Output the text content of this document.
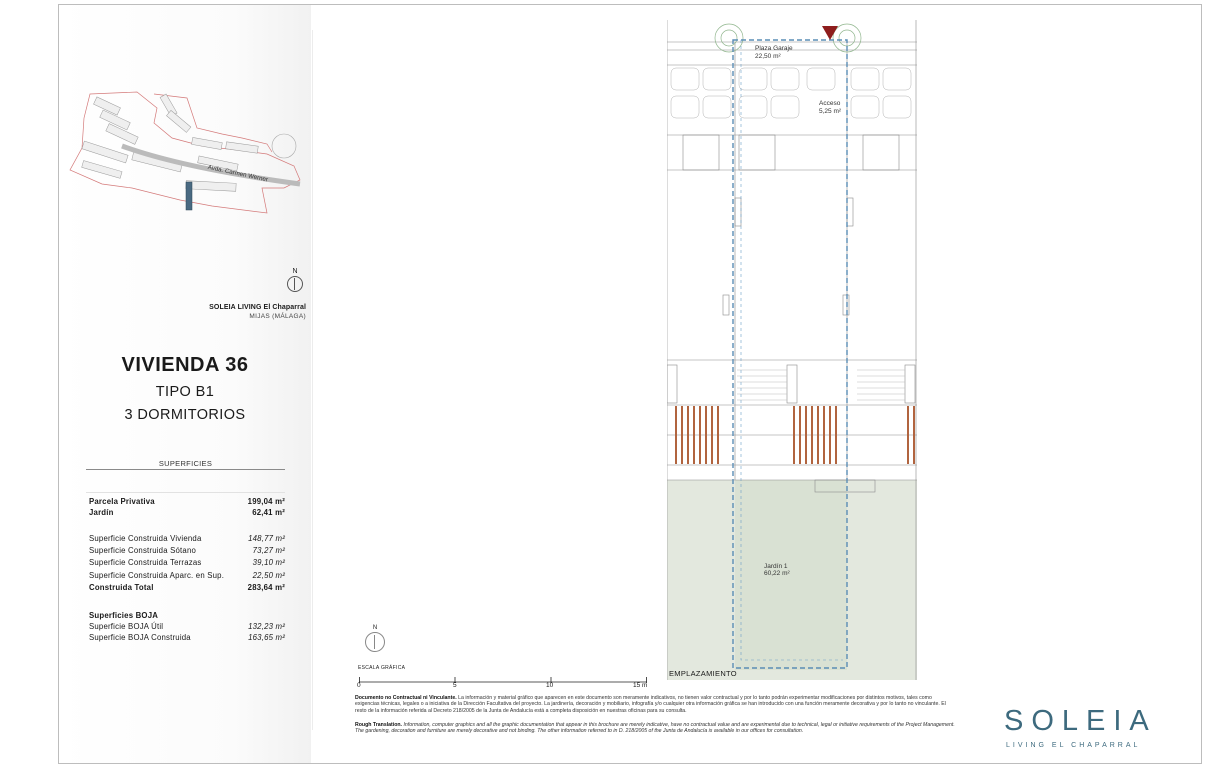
Avda. Carmen Werner
N
SOLEIA LIVING El Chaparral
MIJAS (MÁLAGA)
VIVIENDA 36
TIPO B1
3 DORMITORIOS
SUPERFICIES
Parcela Privativa	199,04 m²
Jardín	62,41 m²
Superficie Construida Vivienda	148,77 m²
Superficie Construida Sótano	73,27 m²
Superficie Construida Terrazas	39,10 m²
Superficie Construida Aparc. en Sup.	22,50 m²
Construida Total	283,64 m²
Superficies BOJA
Superficie BOJA Útil	132,23 m²
Superficie BOJA Construida	163,65 m²
N
ESCALA GRÁFICA
0	5	10	15 m
Plaza Garaje
22,50 m²
Acceso
5,25 m²
Jardín 1
60,22 m²
EMPLAZAMIENTO
Documento no Contractual ni Vinculante. La información y material gráfico que aparecen en este documento son meramente indicativos, no tienen valor contractual y por lo tanto podrán experimentar modificaciones por distintos motivos, tales como exigencias técnicas, legales o a iniciativa de la Dirección Facultativa del proyecto. La jardinería, decoración y mobiliario, infografía y/o cualquier otra información gráfica se han introducido con una función meramente decorativa y por lo tanto no vinculante. El resto de la información referida al Decreto 218/2005 de la Junta de Andalucía está a completa disposición en nuestras oficinas para su consulta.
Rough Translation. Information, computer graphics and all the graphic documentation that appear in this brochure are merely indicative, have no contractual value and are experimental due to technical, legal or initiative requirements of the Project Management. The gardening, decoration and furniture are merely decorative and not binding. The other information referred to in D. 218/2005 of the Junta de Andalucía is available in our offices for consultation.	SOLEIA
LIVING EL CHAPARRAL
